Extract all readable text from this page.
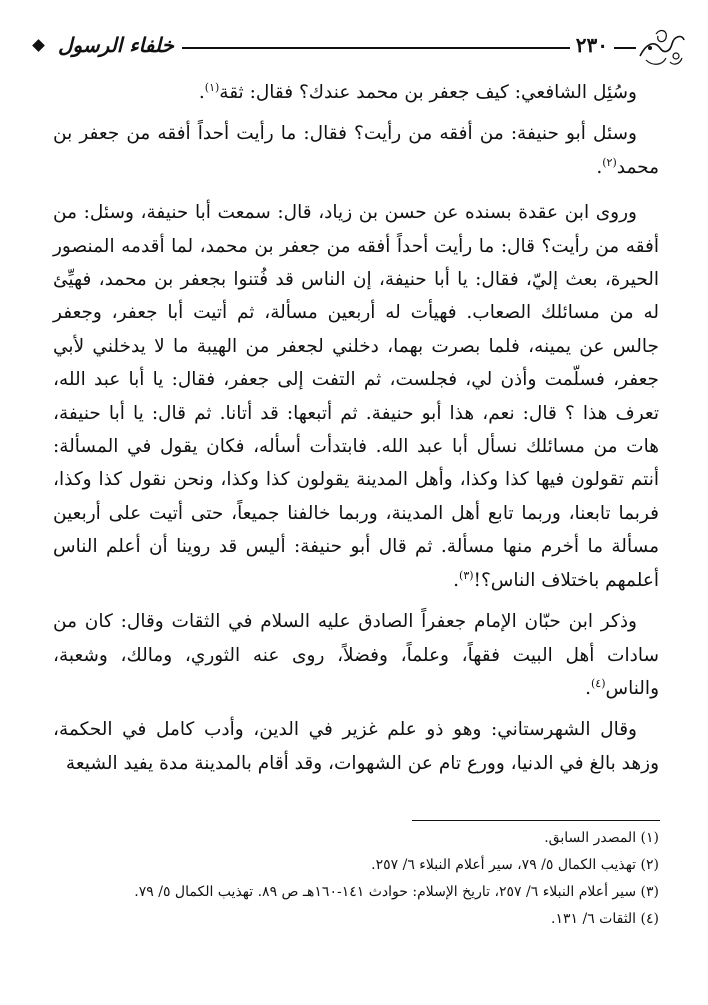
خلفاء الرسول	٢٣٠

وسُئِل الشافعي: كيف جعفر بن محمد عندك؟ فقال: ثقة$^{(١)}$.

وسئل أبو حنيفة: من أفقه من رأيت؟ فقال: ما رأيت أحداً أفقه من جعفر بن محمد$^{(٢)}$.

وروى ابن عقدة بسنده عن حسن بن زياد، قال: سمعت أبا حنيفة، وسئل: من أفقه من رأيت؟ قال: ما رأيت أحداً أفقه من جعفر بن محمد، لما أقدمه المنصور الحيرة، بعث إليّ، فقال: يا أبا حنيفة، إن الناس قد فُتنوا بجعفر بن محمد، فهيِّئ له من مسائلك الصعاب. فهيأت له أربعين مسألة، ثم أتيت أبا جعفر، وجعفر جالس عن يمينه، فلما بصرت بهما، دخلني لجعفر من الهيبة ما لا يدخلني لأبي جعفر، فسلّمت وأذن لي، فجلست، ثم التفت إلى جعفر، فقال: يا أبا عبد الله، تعرف هذا ؟ قال: نعم، هذا أبو حنيفة. ثم أتبعها: قد أتانا. ثم قال: يا أبا حنيفة، هات من مسائلك نسأل أبا عبد الله. فابتدأت أسأله، فكان يقول في المسألة: أنتم تقولون فيها كذا وكذا، وأهل المدينة يقولون كذا وكذا، ونحن نقول كذا وكذا، فربما تابعنا، وربما تابع أهل المدينة، وربما خالفنا جميعاً، حتى أتيت على أربعين مسألة ما أخرم منها مسألة. ثم قال أبو حنيفة: أليس قد روينا أن أعلم الناس أعلمهم باختلاف الناس؟!$^{(٣)}$.

وذكر ابن حبّان الإمام جعفراً الصادق عليه السلام في الثقات وقال: كان من سادات أهل البيت فقهاً، وعلماً، وفضلاً، روى عنه الثوري، ومالك، وشعبة، والناس$^{(٤)}$.

وقال الشهرستاني: وهو ذو علم غزير في الدين، وأدب كامل في الحكمة، وزهد بالغ في الدنيا، وورع تام عن الشهوات، وقد أقام بالمدينة مدة يفيد الشيعة

(١) المصدر السابق.

(٢) تهذيب الكمال ٥/ ٧٩، سير أعلام النبلاء ٦/ ٢٥٧.

(٣) سير أعلام النبلاء ٦/ ٢٥٧، تاريخ الإسلام: حوادث ١٤١-١٦٠هـ ص ٨٩. تهذيب الكمال ٥/ ٧٩.

(٤) الثقات ٦/ ١٣١.
